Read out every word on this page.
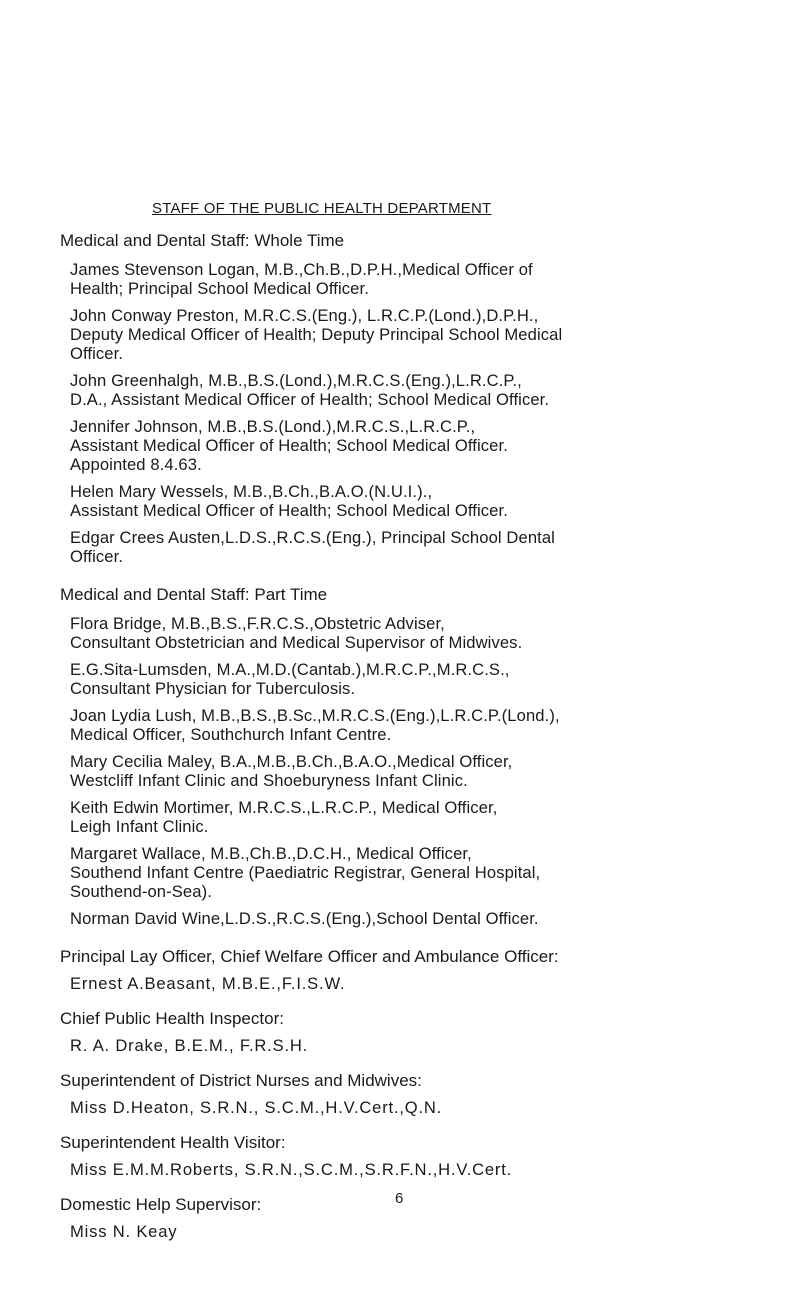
STAFF OF THE PUBLIC HEALTH DEPARTMENT
Medical and Dental Staff: Whole Time
James Stevenson Logan, M.B.,Ch.B.,D.P.H.,Medical Officer of
Health; Principal School Medical Officer.
John Conway Preston, M.R.C.S.(Eng.), L.R.C.P.(Lond.),D.P.H.,
Deputy Medical Officer of Health; Deputy Principal School Medical
Officer.
John Greenhalgh, M.B.,B.S.(Lond.),M.R.C.S.(Eng.),L.R.C.P.,
D.A., Assistant Medical Officer of Health; School Medical Officer.
Jennifer Johnson, M.B.,B.S.(Lond.),M.R.C.S.,L.R.C.P.,
Assistant Medical Officer of Health; School Medical Officer.
Appointed 8.4.63.
Helen Mary Wessels, M.B.,B.Ch.,B.A.O.(N.U.I.).,
Assistant Medical Officer of Health; School Medical Officer.
Edgar Crees Austen,L.D.S.,R.C.S.(Eng.), Principal School Dental
Officer.
Medical and Dental Staff: Part Time
Flora Bridge, M.B.,B.S.,F.R.C.S.,Obstetric Adviser,
Consultant Obstetrician and Medical Supervisor of Midwives.
E.G.Sita-Lumsden, M.A.,M.D.(Cantab.),M.R.C.P.,M.R.C.S.,
Consultant Physician for Tuberculosis.
Joan Lydia Lush, M.B.,B.S.,B.Sc.,M.R.C.S.(Eng.),L.R.C.P.(Lond.),
Medical Officer, Southchurch Infant Centre.
Mary Cecilia Maley, B.A.,M.B.,B.Ch.,B.A.O.,Medical Officer,
Westcliff Infant Clinic and Shoeburyness Infant Clinic.
Keith Edwin Mortimer, M.R.C.S.,L.R.C.P., Medical Officer,
Leigh Infant Clinic.
Margaret Wallace, M.B.,Ch.B.,D.C.H., Medical Officer,
Southend Infant Centre (Paediatric Registrar, General Hospital,
Southend-on-Sea).
Norman David Wine,L.D.S.,R.C.S.(Eng.),School Dental Officer.
Principal Lay Officer, Chief Welfare Officer and Ambulance Officer:
Ernest A.Beasant, M.B.E.,F.I.S.W.
Chief Public Health Inspector:
R. A. Drake, B.E.M., F.R.S.H.
Superintendent of District Nurses and Midwives:
Miss D.Heaton, S.R.N., S.C.M.,H.V.Cert.,Q.N.
Superintendent Health Visitor:
Miss E.M.M.Roberts, S.R.N.,S.C.M.,S.R.F.N.,H.V.Cert.
Domestic Help Supervisor:
Miss N. Keay
6
